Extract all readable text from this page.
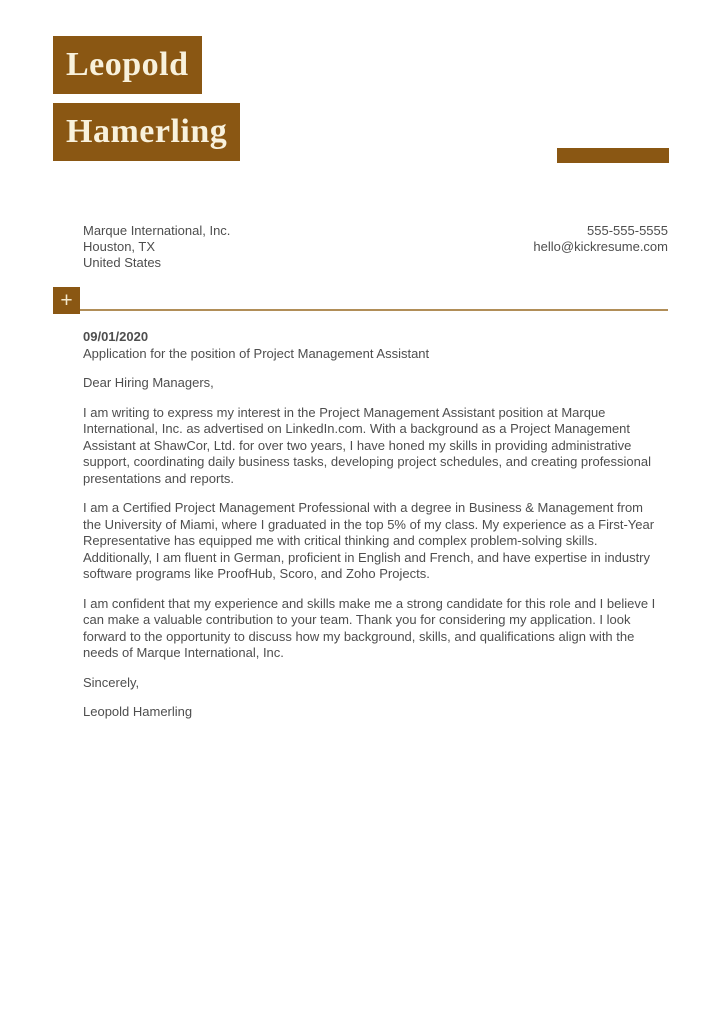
Leopold
Hamerling
Marque International, Inc.
Houston, TX
United States
555-555-5555
hello@kickresume.com
+
09/01/2020
Application for the position of Project Management Assistant

Dear Hiring Managers,

I am writing to express my interest in the Project Management Assistant position at Marque International, Inc. as advertised on LinkedIn.com. With a background as a Project Management Assistant at ShawCor, Ltd. for over two years, I have honed my skills in providing administrative support, coordinating daily business tasks, developing project schedules, and creating professional presentations and reports.

I am a Certified Project Management Professional with a degree in Business & Management from the University of Miami, where I graduated in the top 5% of my class. My experience as a First-Year Representative has equipped me with critical thinking and complex problem-solving skills. Additionally, I am fluent in German, proficient in English and French, and have expertise in industry software programs like ProofHub, Scoro, and Zoho Projects.

I am confident that my experience and skills make me a strong candidate for this role and I believe I can make a valuable contribution to your team. Thank you for considering my application. I look forward to the opportunity to discuss how my background, skills, and qualifications align with the needs of Marque International, Inc.

Sincerely,

Leopold Hamerling
